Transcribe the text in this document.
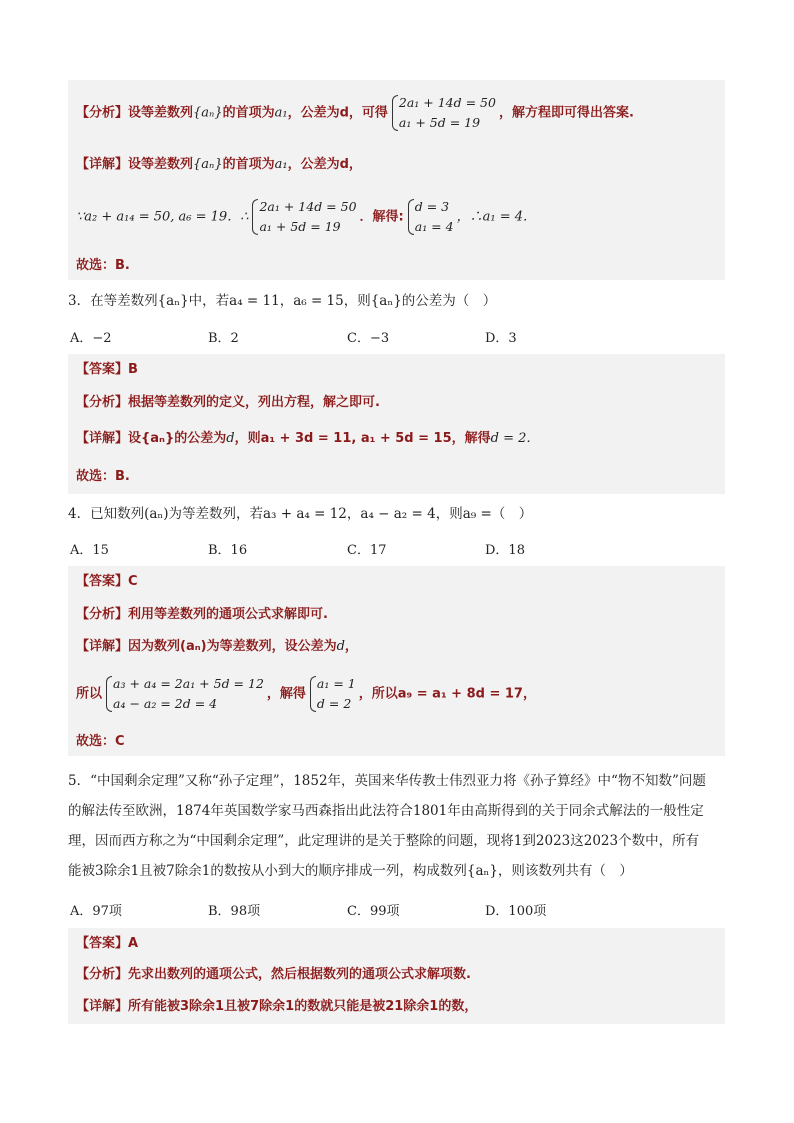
【分析】设等差数列{aₙ}的首项为a₁，公差为d，可得
2a₁ + 14d = 50
a₁ + 5d = 19
，解方程即可得出答案.
【详解】设等差数列{aₙ}的首项为a₁，公差为d，
∵a₂ + a₁₄ = 50, a₆ = 19．∴
2a₁ + 14d = 50
a₁ + 5d = 19
．解得:
d = 3
a₁ = 4
，∴a₁ = 4．
故选：B.
3．在等差数列{aₙ}中，若a₄ = 11，a₆ = 15，则{aₙ}的公差为（　）
A．−2	B．2	C．−3	D．3
【答案】B
【分析】根据等差数列的定义，列出方程，解之即可.
【详解】设{aₙ}的公差为d，则a₁ + 3d = 11, a₁ + 5d = 15，解得d = 2．
故选：B.
4．已知数列(aₙ)为等差数列，若a₃ + a₄ = 12，a₄ − a₂ = 4，则a₉ =（　）
A．15	B．16	C．17	D．18
【答案】C
【分析】利用等差数列的通项公式求解即可.
【详解】因为数列(aₙ)为等差数列，设公差为d，
所以
a₃ + a₄ = 2a₁ + 5d = 12
a₄ − a₂ = 2d = 4
，解得
a₁ = 1
d = 2
，所以a₉ = a₁ + 8d = 17，
故选：C
5．“中国剩余定理”又称“孙子定理”，1852年，英国来华传教士伟烈亚力将《孙子算经》中“物不知数”问题
的解法传至欧洲，1874年英国数学家马西森指出此法符合1801年由高斯得到的关于同余式解法的一般性定
理，因而西方称之为“中国剩余定理”，此定理讲的是关于整除的问题，现将1到2023这2023个数中，所有
能被3除余1且被7除余1的数按从小到大的顺序排成一列，构成数列{aₙ}，则该数列共有（　）
A．97项	B．98项	C．99项	D．100项
【答案】A
【分析】先求出数列的通项公式，然后根据数列的通项公式求解项数.
【详解】所有能被3除余1且被7除余1的数就只能是被21除余1的数，
